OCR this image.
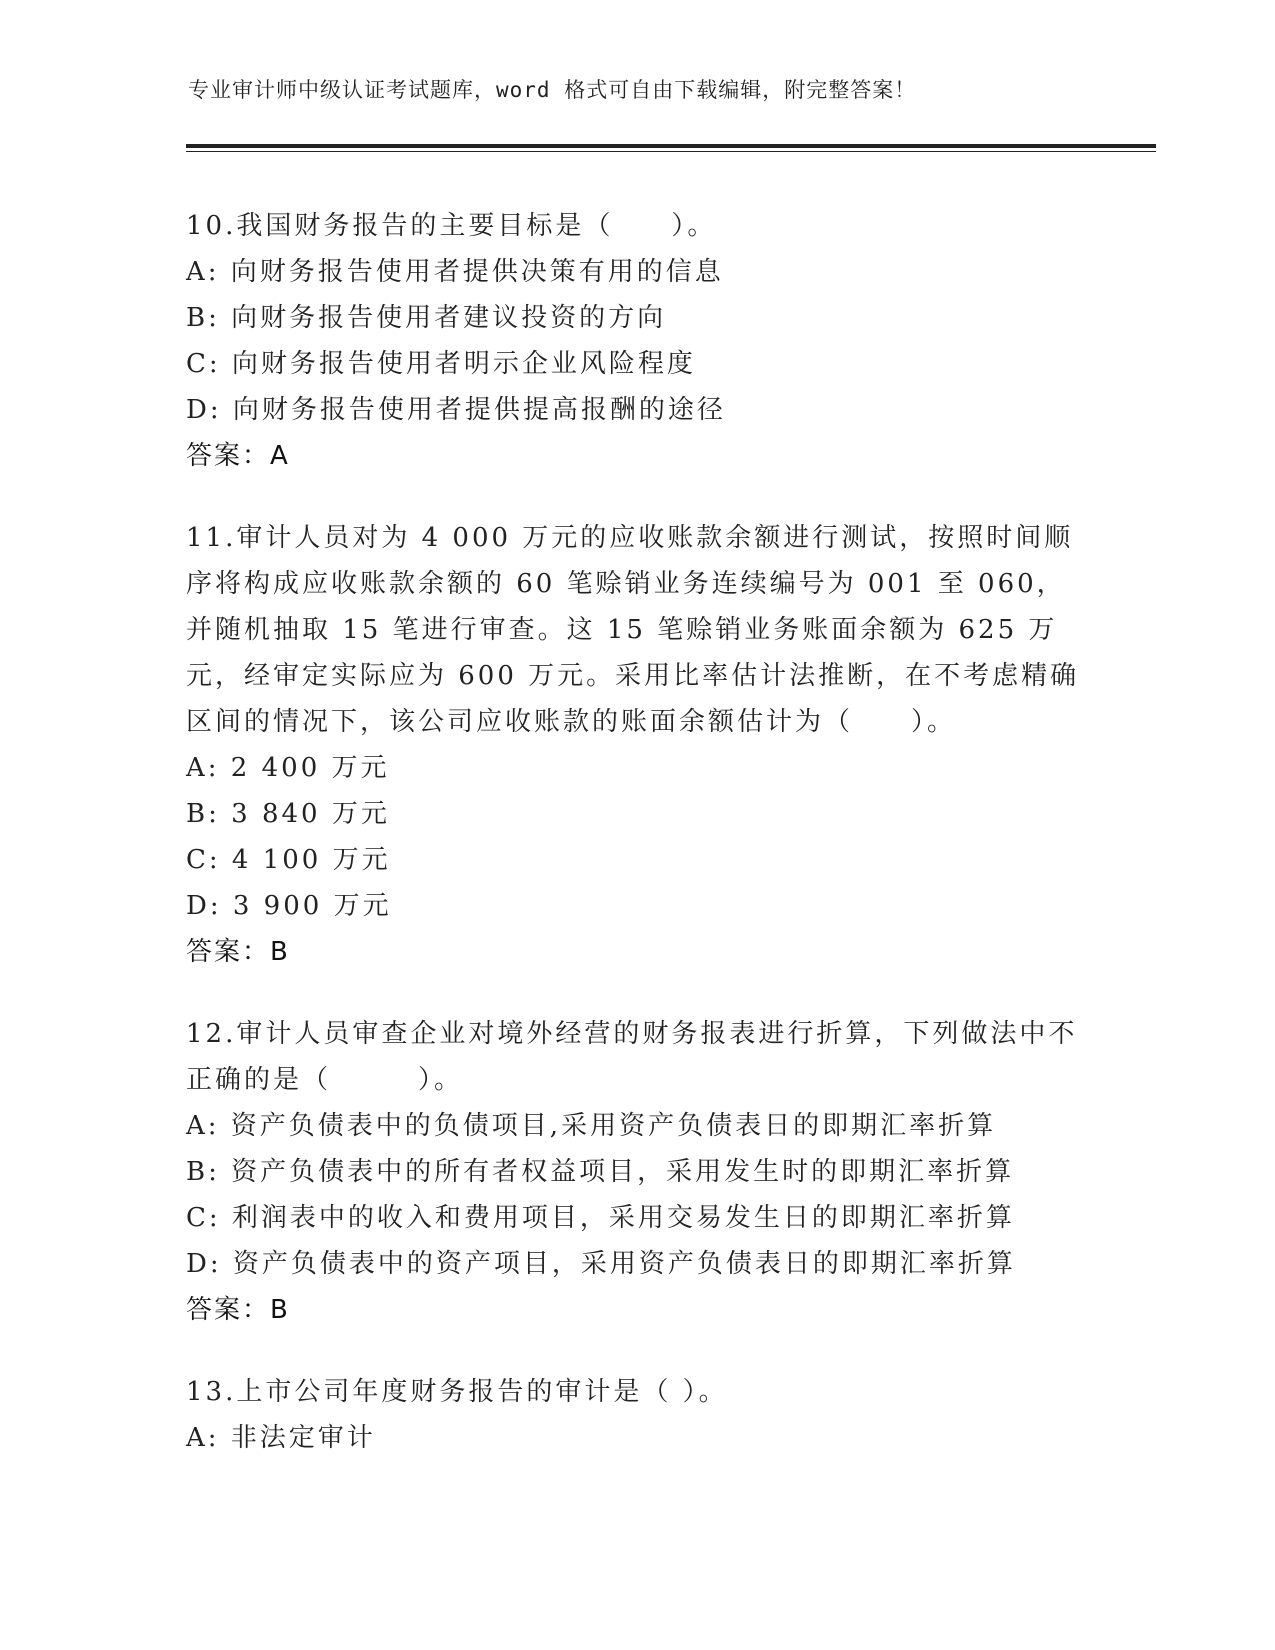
专业审计师中级认证考试题库，word 格式可自由下载编辑，附完整答案！
10.我国财务报告的主要目标是（　　）。
A: 向财务报告使用者提供决策有用的信息
B: 向财务报告使用者建议投资的方向
C: 向财务报告使用者明示企业风险程度
D: 向财务报告使用者提供提高报酬的途径
答案：A
11.审计人员对为 4 000 万元的应收账款余额进行测试，按照时间顺序将构成应收账款余额的 60 笔赊销业务连续编号为 001 至 060，并随机抽取 15 笔进行审查。这 15 笔赊销业务账面余额为 625 万元，经审定实际应为 600 万元。采用比率估计法推断，在不考虑精确区间的情况下，该公司应收账款的账面余额估计为（　　）。
A: 2 400 万元
B: 3 840 万元
C: 4 100 万元
D: 3 900 万元
答案：B
12.审计人员审查企业对境外经营的财务报表进行折算，下列做法中不正确的是（　　　）。
A: 资产负债表中的负债项目,采用资产负债表日的即期汇率折算
B: 资产负债表中的所有者权益项目，采用发生时的即期汇率折算
C: 利润表中的收入和费用项目，采用交易发生日的即期汇率折算
D: 资产负债表中的资产项目，采用资产负债表日的即期汇率折算
答案：B
13.上市公司年度财务报告的审计是（ ）。
A: 非法定审计
